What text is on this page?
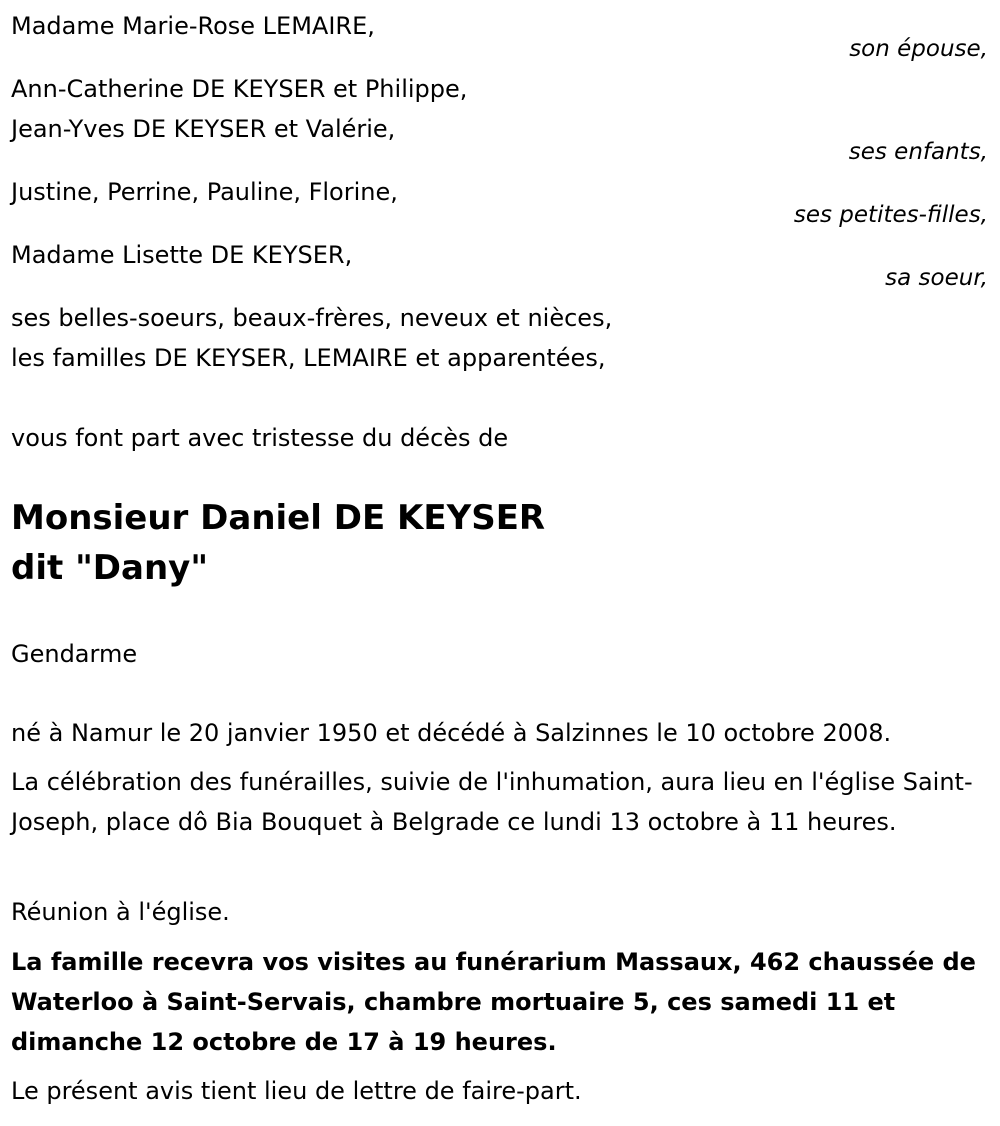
Madame Marie-Rose LEMAIRE,
son épouse,
Ann-Catherine DE KEYSER et Philippe,
Jean-Yves DE KEYSER et Valérie,
ses enfants,
Justine, Perrine, Pauline, Florine,
ses petites-filles,
Madame Lisette DE KEYSER,
sa soeur,
ses belles-soeurs, beaux-frères, neveux et nièces,
les familles DE KEYSER, LEMAIRE et apparentées,
vous font part avec tristesse du décès de
Monsieur Daniel DE KEYSER
dit "Dany"
Gendarme
né à Namur le 20 janvier 1950 et décédé à Salzinnes le 10 octobre 2008.
La célébration des funérailles, suivie de l'inhumation, aura lieu en l'église Saint-Joseph, place dô Bia Bouquet à Belgrade ce lundi 13 octobre à 11 heures.
Réunion à l'église.
La famille recevra vos visites au funérarium Massaux, 462 chaussée de Waterloo à Saint-Servais, chambre mortuaire 5, ces samedi 11 et dimanche 12 octobre de 17 à 19 heures.
Le présent avis tient lieu de lettre de faire-part.
